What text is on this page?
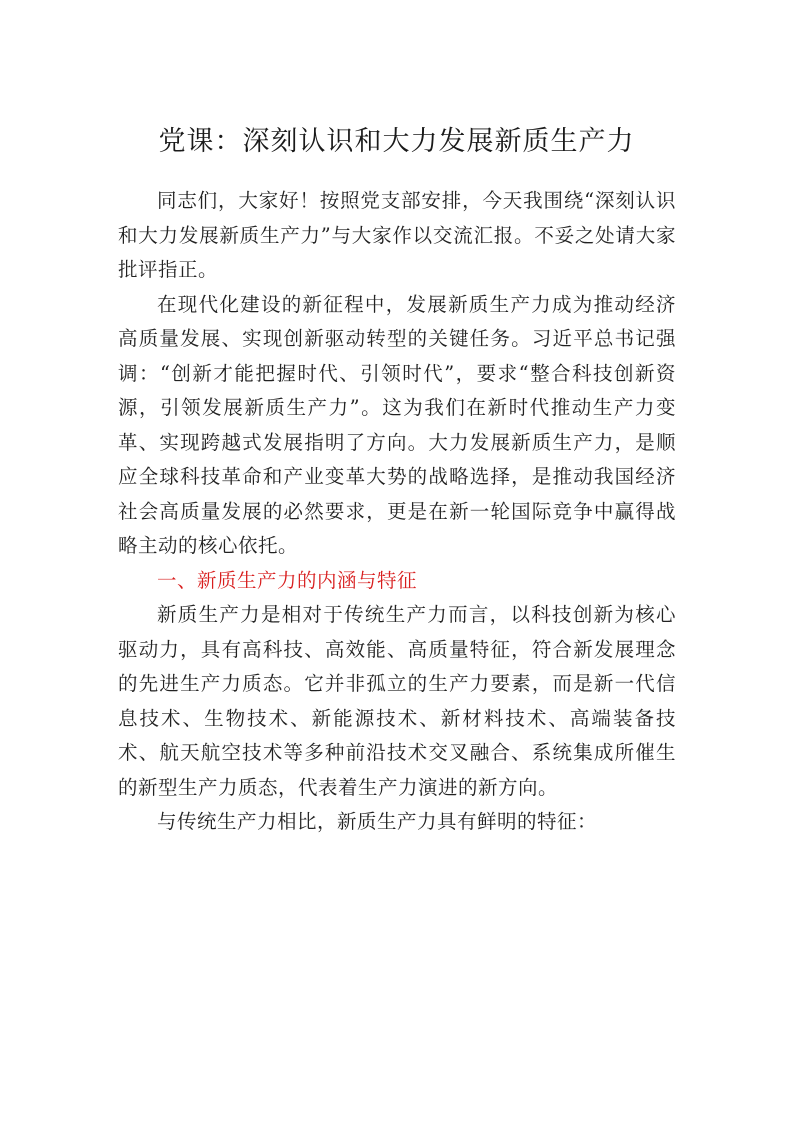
党课：深刻认识和大力发展新质生产力

同志们，大家好！按照党支部安排，今天我围绕“深刻认识和大力发展新质生产力”与大家作以交流汇报。不妥之处请大家批评指正。

在现代化建设的新征程中，发展新质生产力成为推动经济高质量发展、实现创新驱动转型的关键任务。习近平总书记强调：“创新才能把握时代、引领时代”，要求“整合科技创新资源，引领发展新质生产力”。这为我们在新时代推动生产力变革、实现跨越式发展指明了方向。大力发展新质生产力，是顺应全球科技革命和产业变革大势的战略选择，是推动我国经济社会高质量发展的必然要求，更是在新一轮国际竞争中赢得战略主动的核心依托。

一、新质生产力的内涵与特征

新质生产力是相对于传统生产力而言，以科技创新为核心驱动力，具有高科技、高效能、高质量特征，符合新发展理念的先进生产力质态。它并非孤立的生产力要素，而是新一代信息技术、生物技术、新能源技术、新材料技术、高端装备技术、航天航空技术等多种前沿技术交叉融合、系统集成所催生的新型生产力质态，代表着生产力演进的新方向。

与传统生产力相比，新质生产力具有鲜明的特征：
